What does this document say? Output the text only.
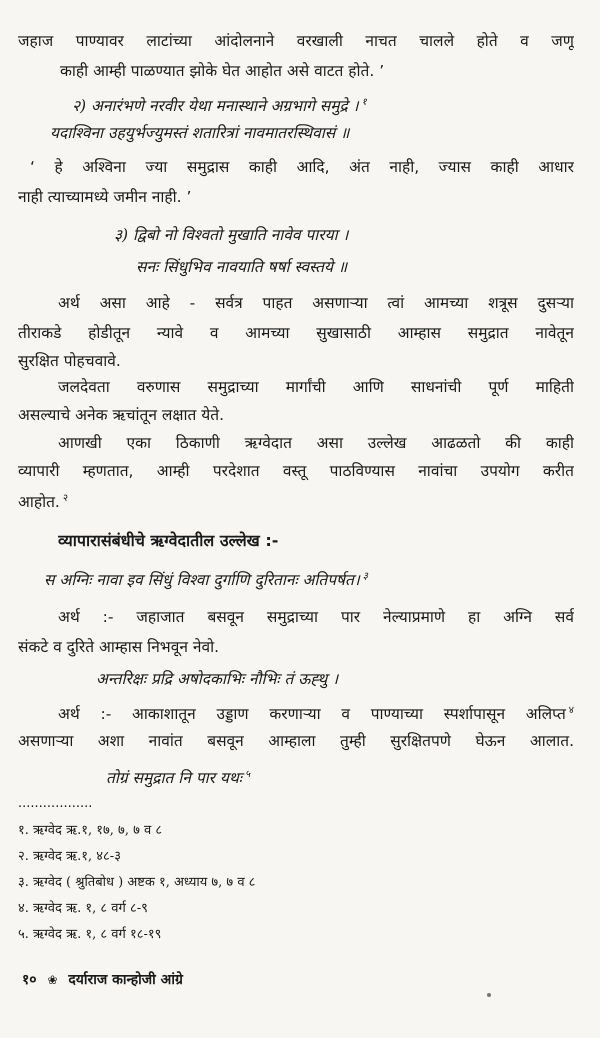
जहाज पाण्यावर लाटांच्या आंदोलनाने वरखाली नाचत चालले होते व जणू
काही आम्ही पाळण्यात झोके घेत आहोत असे वाटत होते. ’
२) अनारंभणे नरवीर येथा मनास्थाने अग्रभागे समुद्रे । $^१$
यदाश्विना उहयुर्भज्युमस्तं शतारित्रां नावमातरस्थिवासं ॥
‘ हे अश्विना ज्या समुद्रास काही आदि, अंत नाही, ज्यास काही आधार
नाही त्याच्यामध्ये जमीन नाही. ’
३) द्विबो नो विश्वतो मुखाति नावेव पारया ।
सनः सिंधुभिव नावयाति षर्षा स्वस्तये ॥
अर्थ असा आहे - सर्वत्र पाहत असणाऱ्या त्वां आमच्या शत्रूस दुसऱ्या
तीराकडे होडीतून न्यावे व आमच्या सुखासाठी आम्हास समुद्रात नावेतून
सुरक्षित पोहचवावे.
जलदेवता वरुणास समुद्राच्या मार्गांची आणि साधनांची पूर्ण माहिती
असल्याचे अनेक ऋचांतून लक्षात येते.
आणखी एका ठिकाणी ऋग्वेदात असा उल्लेख आढळतो की काही
व्यापारी म्हणतात, आम्ही परदेशात वस्तू पाठविण्यास नावांचा उपयोग करीत
आहोत. $^२$
व्यापारासंबंधीचे ऋग्वेदातील उल्लेख :-
स अग्निः नावा इव सिंधुं विश्वा दुर्गाणि दुरितानः अतिपर्षत। $^३$
अर्थ :- जहाजात बसवून समुद्राच्या पार नेल्याप्रमाणे हा अग्नि सर्व
संकटे व दुरिते आम्हास निभवून नेवो.
अन्तरिक्षः प्रद्रि अषोदकाभिः नौभिः तं ऊह्थु ।
अर्थ :- आकाशातून उड्डाण करणाऱ्या व पाण्याच्या स्पर्शापासून अलिप्त $^४$
असणाऱ्या अशा नावांत बसवून आम्हाला तुम्ही सुरक्षितपणे घेऊन आलात.
तोग्रं समुद्रात नि पार यथः $^५$
..................
१. ऋग्वेद ऋ.१, १७, ७, ७ व ८
२. ऋग्वेद ऋ.१, ४८-३
३. ऋग्वेद ( श्रुतिबोध ) अष्टक १, अध्याय ७, ७ व ८
४. ऋग्वेद ऋ. १, ८ वर्ग ८-९
५. ऋग्वेद ऋ. १, ८ वर्ग १८-१९
१० ❀ दर्याराज कान्होजी आंग्रे
